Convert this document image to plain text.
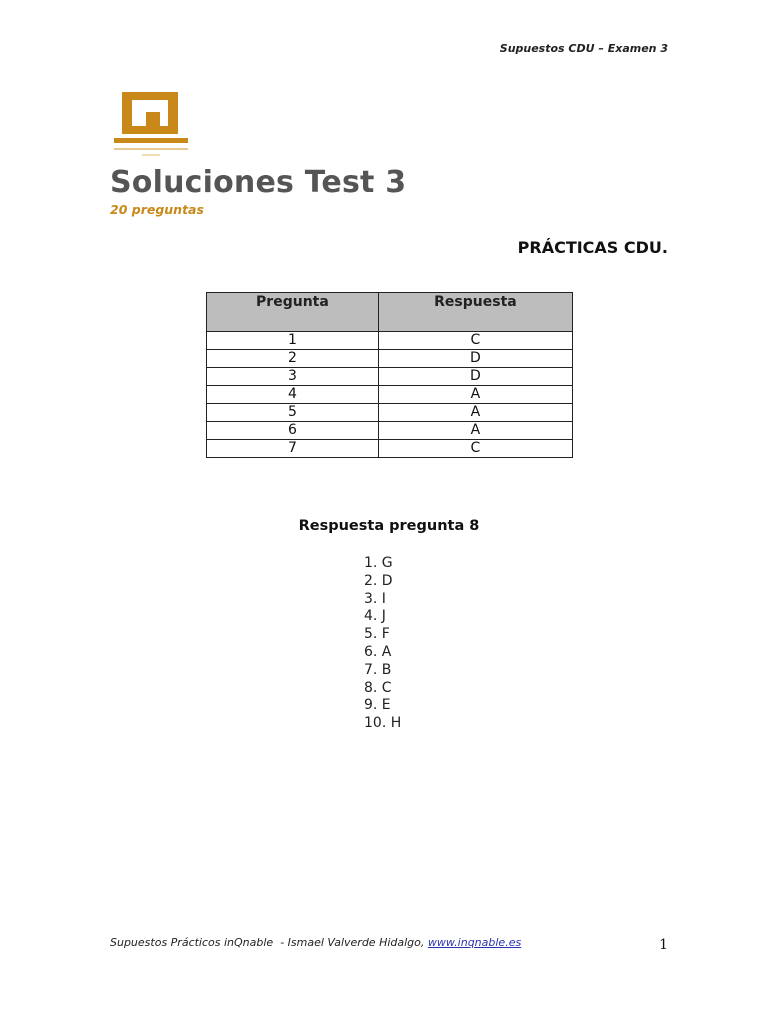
Supuestos CDU – Examen 3
Soluciones Test 3
20 preguntas
PRÁCTICAS CDU.
Pregunta	Respuesta
1	C
2	D
3	D
4	A
5	A
6	A
7	C
Respuesta pregunta 8
1. G
2. D
3. I
4. J
5. F
6. A
7. B
8. C
9. E
10. H
Supuestos Prácticos inQnable  - Ismael Valverde Hidalgo, www.inqnable.es	1
